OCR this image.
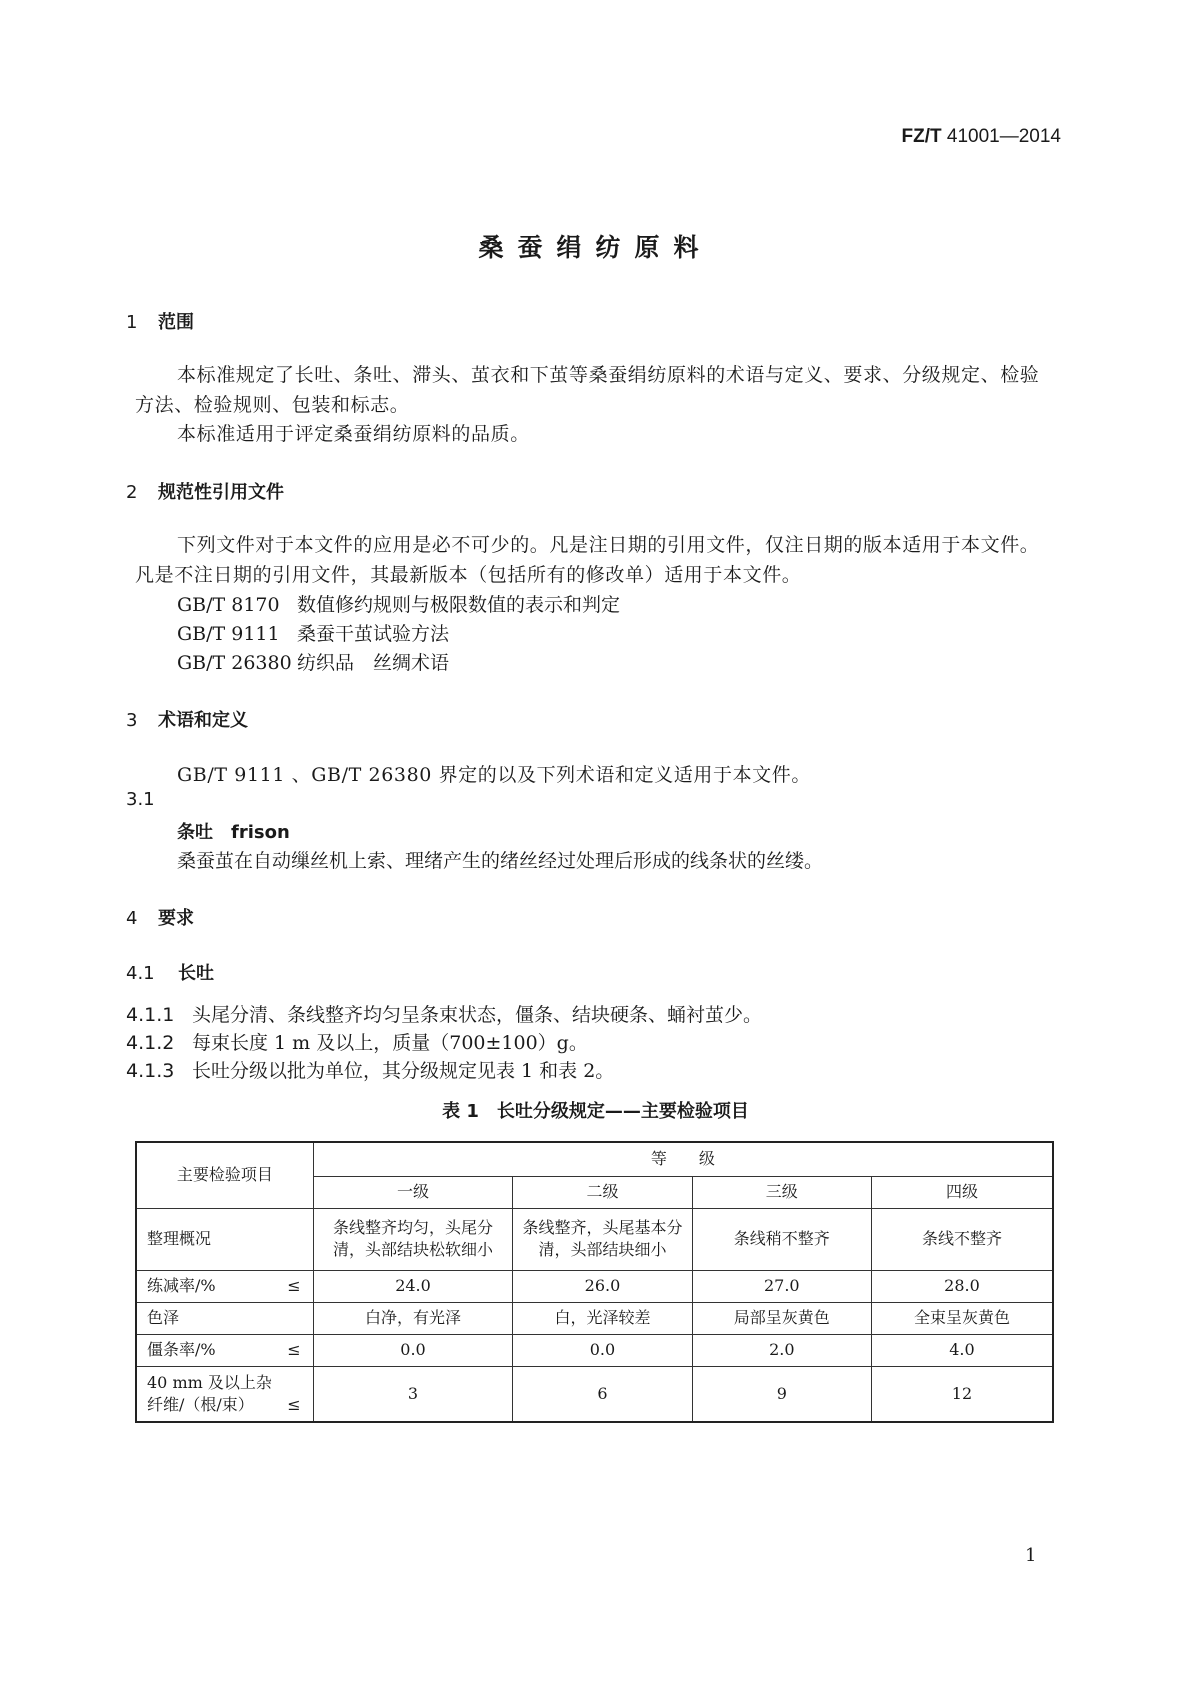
FZ/T 41001—2014
桑蚕绢纺原料
1 范围
本标准规定了长吐、条吐、滞头、茧衣和下茧等桑蚕绢纺原料的术语与定义、要求、分级规定、检验方法、检验规则、包装和标志。
本标准适用于评定桑蚕绢纺原料的品质。
2 规范性引用文件
下列文件对于本文件的应用是必不可少的。凡是注日期的引用文件，仅注日期的版本适用于本文件。凡是不注日期的引用文件，其最新版本（包括所有的修改单）适用于本文件。
GB/T 8170 数值修约规则与极限数值的表示和判定
GB/T 9111 桑蚕干茧试验方法
GB/T 26380 纺织品　丝绸术语
3 术语和定义
GB/T 9111 、GB/T 26380 界定的以及下列术语和定义适用于本文件。
3.1
条吐　frison
桑蚕茧在自动缫丝机上索、理绪产生的绪丝经过处理后形成的线条状的丝缕。
4 要求
4.1 长吐
4.1.1 头尾分清、条线整齐均匀呈条束状态，僵条、结块硬条、蛹衬茧少。
4.1.2 每束长度 1 m 及以上，质量（700±100）g。
4.1.3 长吐分级以批为单位，其分级规定见表 1 和表 2。
表 1　长吐分级规定——主要检验项目
主要检验项目	等　　级			
	一级	二级	三级	四级

整理概况	条线整齐均匀，头尾分清，头部结块松软细小	条线整齐，头尾基本分清，头部结块细小	条线稍不整齐	条线不整齐

练减率/% ≤	24.0	26.0	27.0	28.0

色泽	白净，有光泽	白，光泽较差	局部呈灰黄色	全束呈灰黄色

僵条率/% ≤	0.0	0.0	2.0	4.0

40 mm 及以上杂纤维/（根/束） ≤	3	6	9	12
1
